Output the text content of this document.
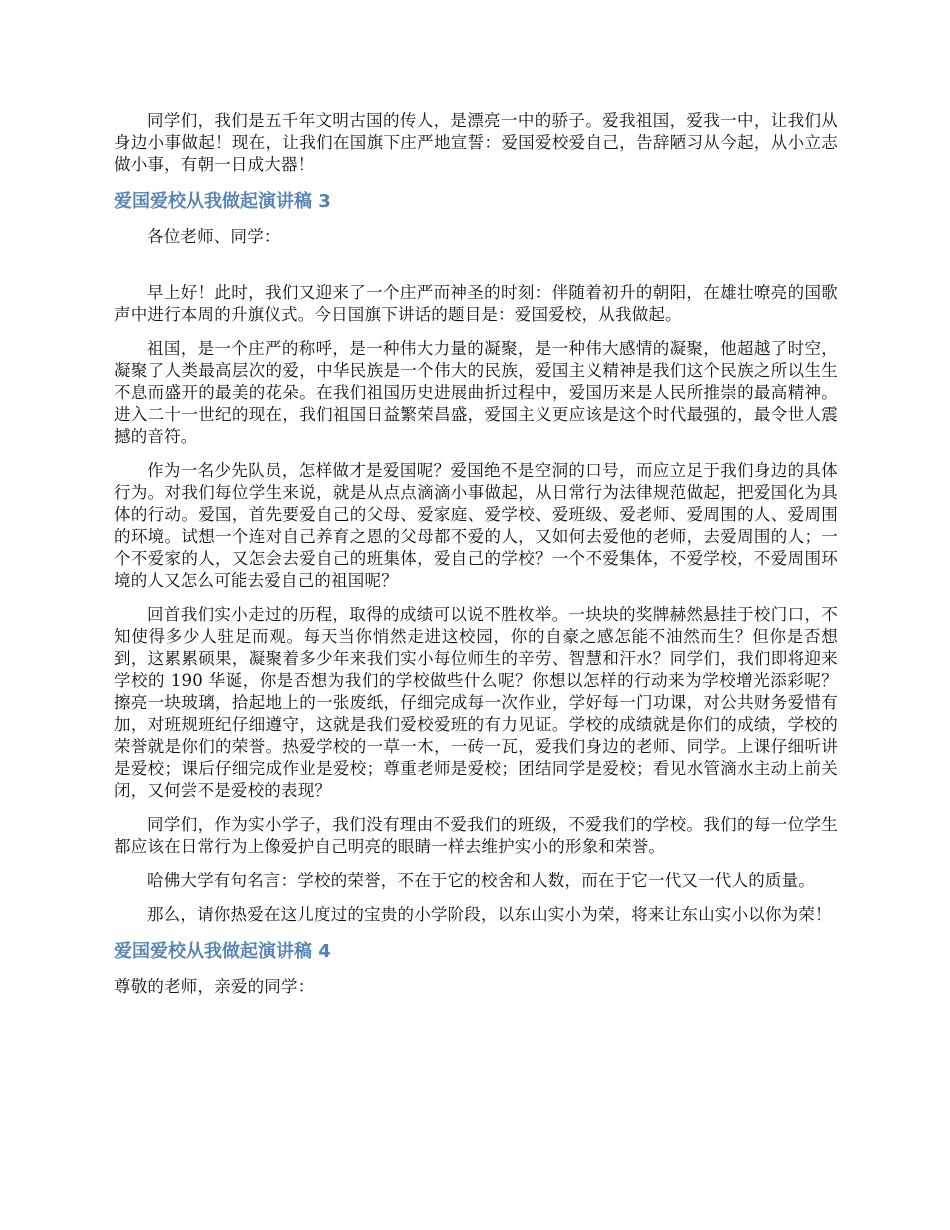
同学们，我们是五千年文明古国的传人，是漂亮一中的骄子。爱我祖国，爱我一中，让我们从身边小事做起！现在，让我们在国旗下庄严地宣誓：爱国爱校爱自己，告辞陋习从今起，从小立志做小事，有朝一日成大器！

爱国爱校从我做起演讲稿 3

各位老师、同学：

早上好！此时，我们又迎来了一个庄严而神圣的时刻：伴随着初升的朝阳，在雄壮嘹亮的国歌声中进行本周的升旗仪式。今日国旗下讲话的题目是：爱国爱校，从我做起。

祖国，是一个庄严的称呼，是一种伟大力量的凝聚，是一种伟大感情的凝聚，他超越了时空，凝聚了人类最高层次的爱，中华民族是一个伟大的民族，爱国主义精神是我们这个民族之所以生生不息而盛开的最美的花朵。在我们祖国历史进展曲折过程中，爱国历来是人民所推崇的最高精神。进入二十一世纪的现在，我们祖国日益繁荣昌盛，爱国主义更应该是这个时代最强的，最令世人震撼的音符。

作为一名少先队员，怎样做才是爱国呢？爱国绝不是空洞的口号，而应立足于我们身边的具体行为。对我们每位学生来说，就是从点点滴滴小事做起，从日常行为法律规范做起，把爱国化为具体的行动。爱国，首先要爱自己的父母、爱家庭、爱学校、爱班级、爱老师、爱周围的人、爱周围的环境。试想一个连对自己养育之恩的父母都不爱的人，又如何去爱他的老师，去爱周围的人；一个不爱家的人，又怎会去爱自己的班集体，爱自己的学校？一个不爱集体，不爱学校，不爱周围环境的人又怎么可能去爱自己的祖国呢？

回首我们实小走过的历程，取得的成绩可以说不胜枚举。一块块的奖牌赫然悬挂于校门口，不知使得多少人驻足而观。每天当你悄然走进这校园，你的自豪之感怎能不油然而生？但你是否想到，这累累硕果，凝聚着多少年来我们实小每位师生的辛劳、智慧和汗水？同学们，我们即将迎来学校的 190 华诞，你是否想为我们的学校做些什么呢？你想以怎样的行动来为学校增光添彩呢？擦亮一块玻璃，拾起地上的一张废纸，仔细完成每一次作业，学好每一门功课，对公共财务爱惜有加，对班规班纪仔细遵守，这就是我们爱校爱班的有力见证。学校的成绩就是你们的成绩，学校的荣誉就是你们的荣誉。热爱学校的一草一木，一砖一瓦，爱我们身边的老师、同学。上课仔细听讲是爱校；课后仔细完成作业是爱校；尊重老师是爱校；团结同学是爱校；看见水管滴水主动上前关闭，又何尝不是爱校的表现？

同学们，作为实小学子，我们没有理由不爱我们的班级，不爱我们的学校。我们的每一位学生都应该在日常行为上像爱护自己明亮的眼睛一样去维护实小的形象和荣誉。

哈佛大学有句名言：学校的荣誉，不在于它的校舍和人数，而在于它一代又一代人的质量。

那么，请你热爱在这儿度过的宝贵的小学阶段，以东山实小为荣，将来让东山实小以你为荣！

爱国爱校从我做起演讲稿 4

尊敬的老师，亲爱的同学：
